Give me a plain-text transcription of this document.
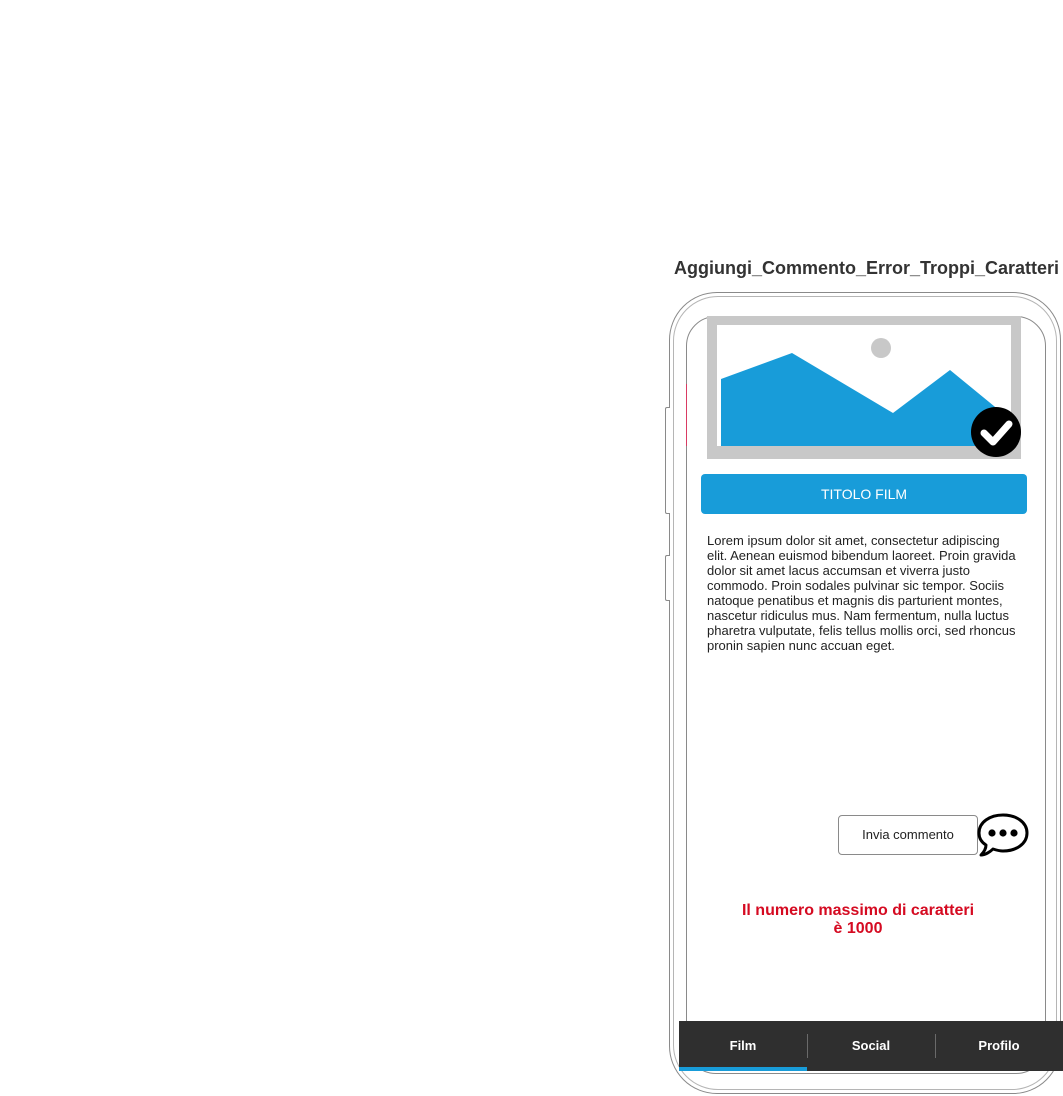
Aggiungi_Commento_Error_Troppi_Caratteri
TITOLO FILM

Lorem ipsum dolor sit amet, consectetur adipiscing elit. Aenean euismod bibendum laoreet. Proin gravida dolor sit amet lacus accumsan et viverra justo commodo. Proin sodales pulvinar sic tempor. Sociis natoque penatibus et magnis dis parturient montes, nascetur ridiculus mus. Nam fermentum, nulla luctus pharetra vulputate, felis tellus mollis orci, sed rhoncus pronin sapien nunc accuan eget.

Invia commento
Il numero massimo di caratteri è 1000
Film	Social	Profilo
